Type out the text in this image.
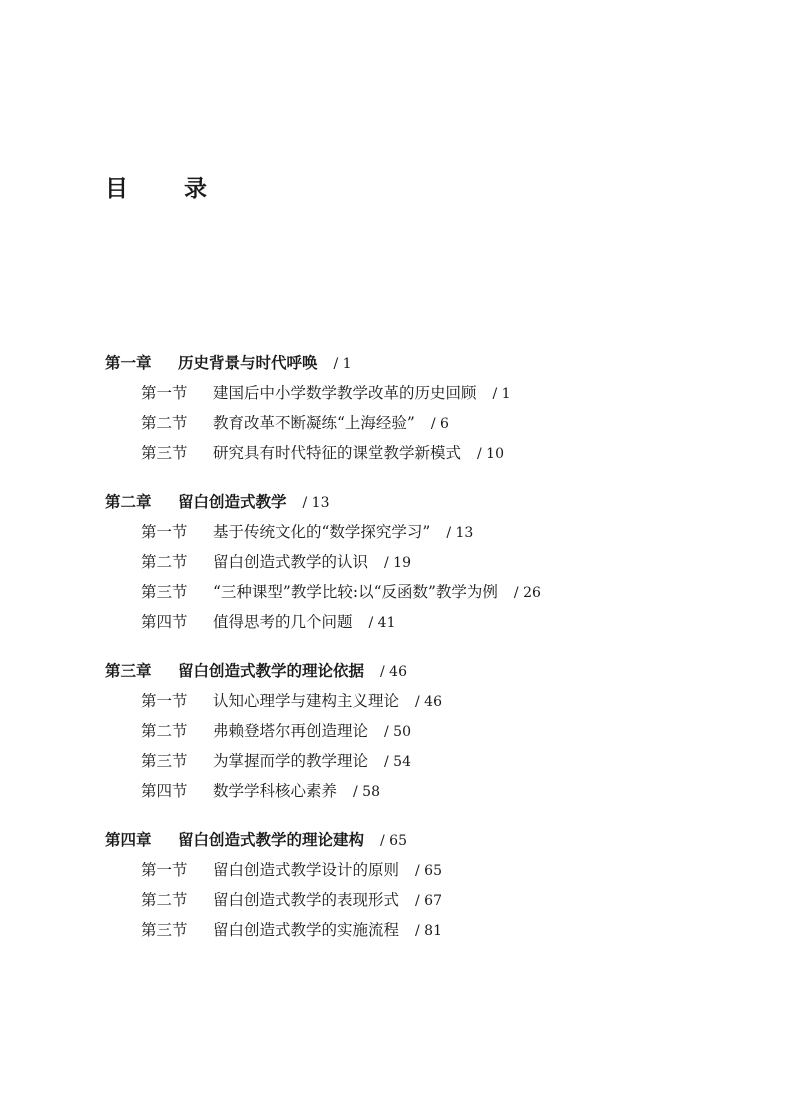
目 录
第一章 历史背景与时代呼唤 / 1
第一节 建国后中小学数学教学改革的历史回顾 / 1
第二节 教育改革不断凝练“上海经验” / 6
第三节 研究具有时代特征的课堂教学新模式 / 10
第二章 留白创造式教学 / 13
第一节 基于传统文化的“数学探究学习” / 13
第二节 留白创造式教学的认识 / 19
第三节 “三种课型”教学比较:以“反函数”教学为例 / 26
第四节 值得思考的几个问题 / 41
第三章 留白创造式教学的理论依据 / 46
第一节 认知心理学与建构主义理论 / 46
第二节 弗赖登塔尔再创造理论 / 50
第三节 为掌握而学的教学理论 / 54
第四节 数学学科核心素养 / 58
第四章 留白创造式教学的理论建构 / 65
第一节 留白创造式教学设计的原则 / 65
第二节 留白创造式教学的表现形式 / 67
第三节 留白创造式教学的实施流程 / 81
